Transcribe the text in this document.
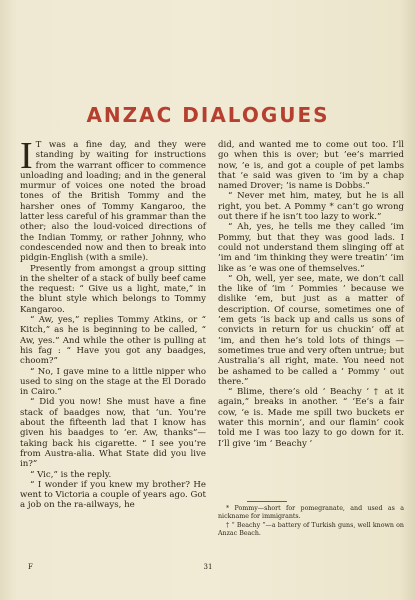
ANZAC DIALOGUES

I T was a fine day, and they were standing by waiting for instructions from the warrant officer to commence unloading and loading; and in the general murmur of voices one noted the broad tones of the British Tommy and the harsher ones of Tommy Kangaroo, the latter less careful of his grammar than the other; also the loud-voiced directions of the Indian Tommy, or rather Johnny, who condescended now and then to break into pidgin-English (with a smile).

Presently from amongst a group sitting in the shelter of a stack of bully beef came the request: “ Give us a light, mate,” in the blunt style which belongs to Tommy Kangaroo.

“ Aw, yes,” replies Tommy Atkins, or “ Kitch,” as he is beginning to be called, “ Aw, yes.” And while the other is pulling at his fag : “ Have you got any baadges, choom?”

“ No, I gave mine to a little nipper who used to sing on the stage at the El Dorado in Cairo.”

“ Did you now! She must have a fine stack of baadges now, that ’un. You’re about the fifteenth lad that I know has given his baadges to ’er. Aw, thanks”—taking back his cigarette. “ I see you’re from Austra-alia. What State did you live in?”

“ Vic,” is the reply.

“ I wonder if you knew my brother? He went to Victoria a couple of years ago. Got a job on the ra-ailways, he

did, and wanted me to come out too. I’ll go when this is over; but ’ee’s married now, ’e is, and got a couple of pet lambs that ’e said was given to ’im by a chap named Drover; ’is name is Dobbs.”

“ Never met him, matey, but he is all right, you bet. A Pommy * can’t go wrong out there if he isn’t too lazy to work.”

“ Ah, yes, he tells me they called ’im Pommy, but that they was good lads. I could not understand them slinging off at ’im and ’im thinking they were treatin’ ’im like as ’e was one of themselves.”

“ Oh, well, yer see, mate, we don’t call the like of ’im ‘ Pommies ’ because we dislike ’em, but just as a matter of description. Of course, sometimes one of ’em gets ’is back up and calls us sons of convicts in return for us chuckin’ off at ’im, and then he’s told lots of things —sometimes true and very often untrue; but Australia’s all right, mate. You need not be ashamed to be called a ‘ Pommy ’ out there.”

“ Blime, there’s old ‘ Beachy ’ † at it again,” breaks in another. “ ’Ee’s a fair cow, ’e is. Made me spill two buckets er water this mornin’, and our flamin’ cook told me I was too lazy to go down for it. I’ll give ’im ‘ Beachy ’

* Pommy—short for pomegranate, and used as a nickname for immigrants.

† “ Beachy ”—a battery of Turkish guns, well known on Anzac Beach.

F	31
